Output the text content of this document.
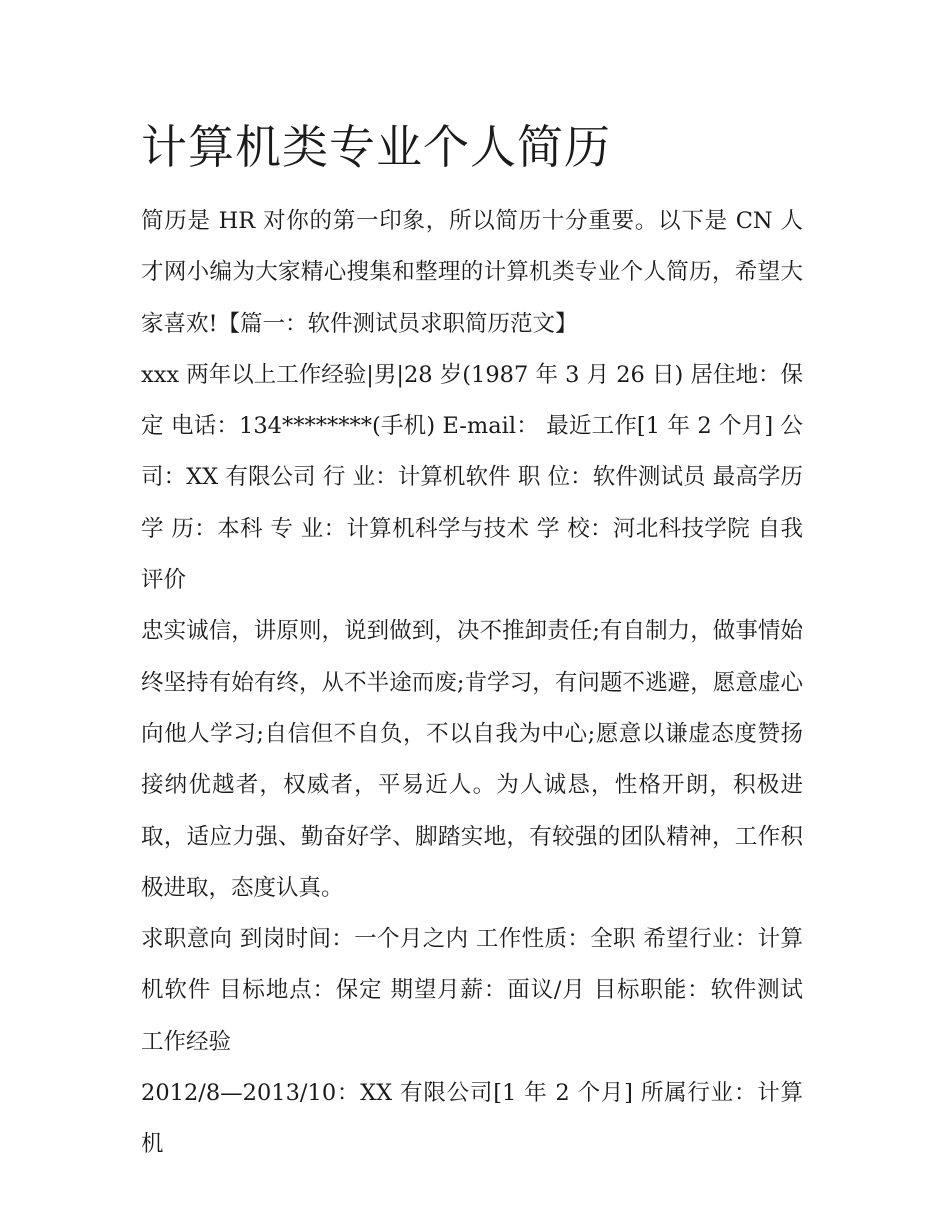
计算机类专业个人简历

简历是 HR 对你的第一印象，所以简历十分重要。以下是 CN 人才网小编为大家精心搜集和整理的计算机类专业个人简历，希望大家喜欢!【篇一：软件测试员求职简历范文】

xxx 两年以上工作经验|男|28 岁(1987 年 3 月 26 日) 居住地：保定 电话：134********(手机) E-mail： 最近工作[1 年 2 个月] 公司：XX 有限公司 行 业：计算机软件 职 位：软件测试员 最高学历 学 历：本科 专 业：计算机科学与技术 学 校：河北科技学院 自我评价

忠实诚信，讲原则，说到做到，决不推卸责任;有自制力，做事情始终坚持有始有终，从不半途而废;肯学习，有问题不逃避，愿意虚心向他人学习;自信但不自负，不以自我为中心;愿意以谦虚态度赞扬接纳优越者，权威者，平易近人。为人诚恳，性格开朗，积极进取，适应力强、勤奋好学、脚踏实地，有较强的团队精神，工作积极进取，态度认真。

求职意向 到岗时间：一个月之内 工作性质：全职 希望行业：计算机软件 目标地点：保定 期望月薪：面议/月 目标职能：软件测试 工作经验

2012/8—2013/10：XX 有限公司[1 年 2 个月] 所属行业：计算机
